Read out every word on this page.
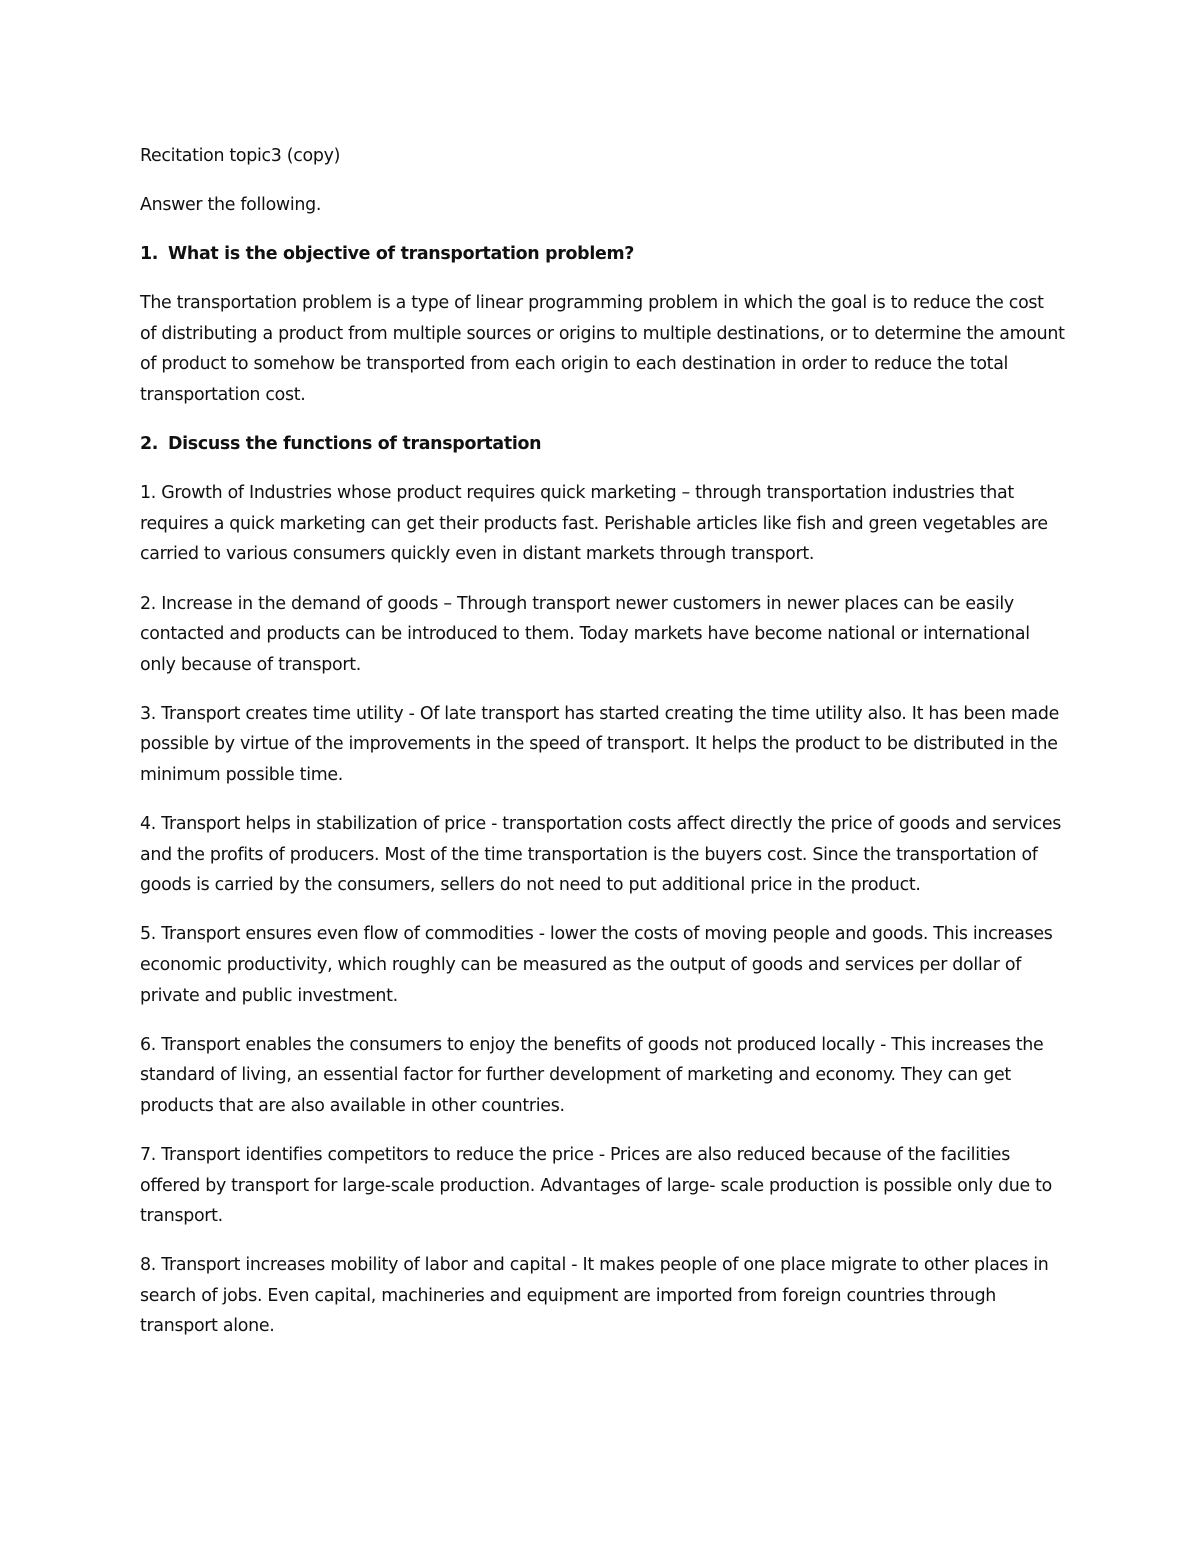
Recitation topic3 (copy)

Answer the following.

1. What is the objective of transportation problem?

The transportation problem is a type of linear programming problem in which the goal is to reduce the cost of distributing a product from multiple sources or origins to multiple destinations, or to determine the amount of product to somehow be transported from each origin to each destination in order to reduce the total transportation cost.

2. Discuss the functions of transportation

1. Growth of Industries whose product requires quick marketing – through transportation industries that requires a quick marketing can get their products fast. Perishable articles like fish and green vegetables are carried to various consumers quickly even in distant markets through transport.

2. Increase in the demand of goods – Through transport newer customers in newer places can be easily contacted and products can be introduced to them. Today markets have become national or international only because of transport.

3. Transport creates time utility - Of late transport has started creating the time utility also. It has been made possible by virtue of the improvements in the speed of transport. It helps the product to be distributed in the minimum possible time.

4. Transport helps in stabilization of price - transportation costs affect directly the price of goods and services and the profits of producers. Most of the time transportation is the buyers cost. Since the transportation of goods is carried by the consumers, sellers do not need to put additional price in the product.

5. Transport ensures even flow of commodities - lower the costs of moving people and goods. This increases economic productivity, which roughly can be measured as the output of goods and services per dollar of private and public investment.

6. Transport enables the consumers to enjoy the benefits of goods not produced locally - This increases the standard of living, an essential factor for further development of marketing and economy. They can get products that are also available in other countries.

7. Transport identifies competitors to reduce the price - Prices are also reduced because of the facilities offered by transport for large-scale production. Advantages of large- scale production is possible only due to transport.

8. Transport increases mobility of labor and capital - It makes people of one place migrate to other places in search of jobs. Even capital, machineries and equipment are imported from foreign countries through transport alone.
